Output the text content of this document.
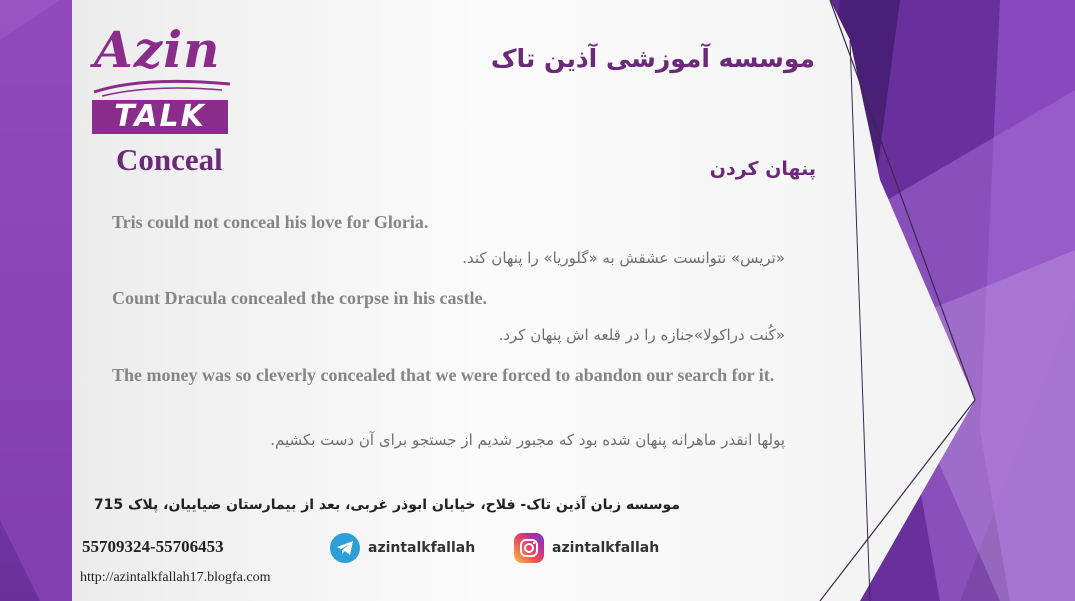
Azin
TALK
Conceal
موسسه آموزشی آذین تاک
پنهان کردن
Tris could not conceal his love for Gloria.
«تریس» نتوانست عشقش به «گلوریا» را پنهان کند.
Count Dracula concealed the corpse in his castle.
«کُنت دراکولا»جنازه را در قلعه اش پنهان کرد.
The money was so cleverly concealed that we were forced to abandon our search for it.
پولها انقدر ماهرانه پنهان شده بود که مجبور شدیم از جستجو برای آن دست بکشیم.
موسسه زبان آذین تاک- فلاح، خیابان ابوذر غربی، بعد از بیمارستان ضیاییان، پلاک 715
55709324-55706453	azintalkfallah	azintalkfallah
http://azintalkfallah17.blogfa.com
